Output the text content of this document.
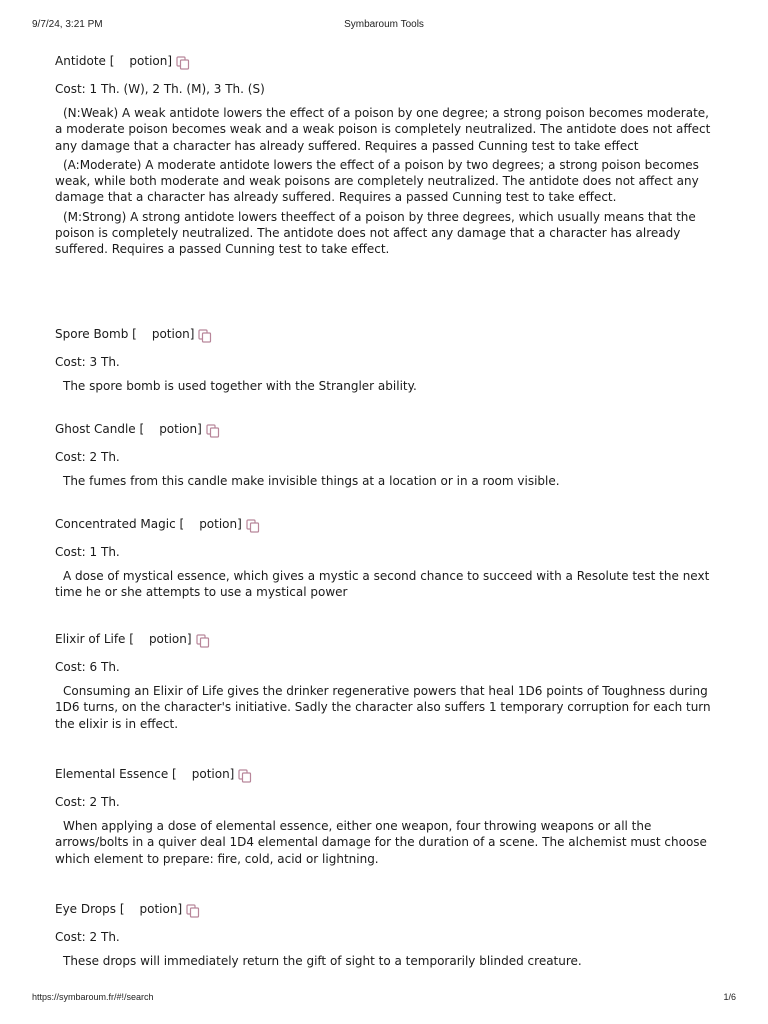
9/7/24, 3:21 PM	Symbaroum Tools
Antidote [ potion]
Cost: 1 Th. (W), 2 Th. (M), 3 Th. (S)
(N:Weak) A weak antidote lowers the effect of a poison by one degree; a strong poison becomes moderate, a moderate poison becomes weak and a weak poison is completely neutralized. The antidote does not affect any damage that a character has already suffered. Requires a passed Cunning test to take effect
(A:Moderate) A moderate antidote lowers the effect of a poison by two degrees; a strong poison becomes weak, while both moderate and weak poisons are completely neutralized. The antidote does not affect any damage that a character has already suffered. Requires a passed Cunning test to take effect.
(M:Strong) A strong antidote lowers theeffect of a poison by three degrees, which usually means that the poison is completely neutralized. The antidote does not affect any damage that a character has already suffered. Requires a passed Cunning test to take effect.
Spore Bomb [ potion]
Cost: 3 Th.
The spore bomb is used together with the Strangler ability.
Ghost Candle [ potion]
Cost: 2 Th.
The fumes from this candle make invisible things at a location or in a room visible.
Concentrated Magic [ potion]
Cost: 1 Th.
A dose of mystical essence, which gives a mystic a second chance to succeed with a Resolute test the next time he or she attempts to use a mystical power
Elixir of Life [ potion]
Cost: 6 Th.
Consuming an Elixir of Life gives the drinker regenerative powers that heal 1D6 points of Toughness during 1D6 turns, on the character's initiative. Sadly the character also suffers 1 temporary corruption for each turn the elixir is in effect.
Elemental Essence [ potion]
Cost: 2 Th.
When applying a dose of elemental essence, either one weapon, four throwing weapons or all the arrows/bolts in a quiver deal 1D4 elemental damage for the duration of a scene. The alchemist must choose which element to prepare: fire, cold, acid or lightning.
Eye Drops [ potion]
Cost: 2 Th.
These drops will immediately return the gift of sight to a temporarily blinded creature.
https://symbaroum.fr/#!/search	1/6
